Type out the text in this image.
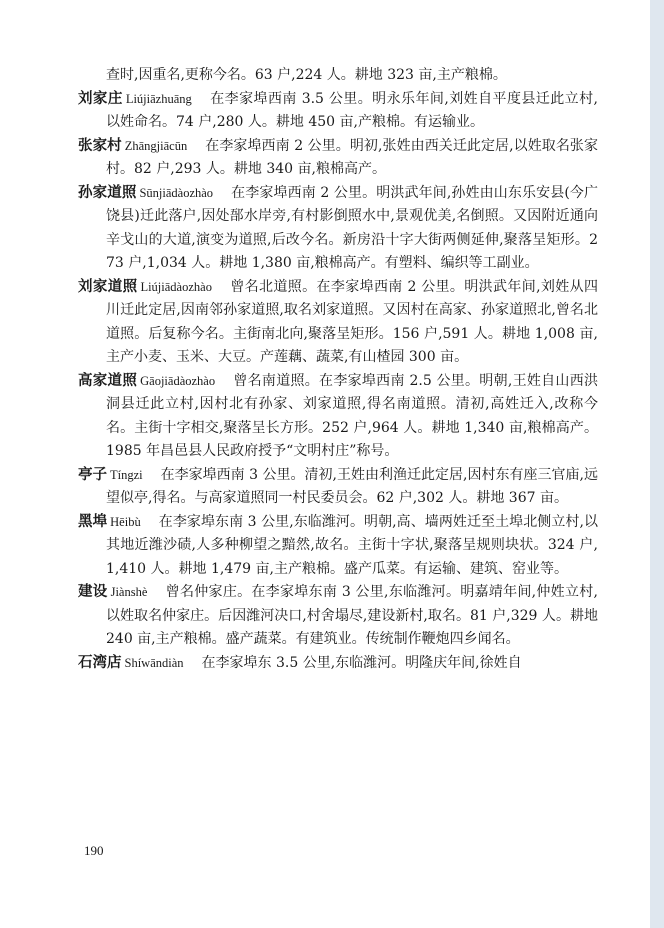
查时,因重名,更称今名。63 户,224 人。耕地 323 亩,主产粮棉。

刘家庄 Liújiāzhuāng 在李家埠西南 3.5 公里。明永乐年间,刘姓自平度县迁此立村,以姓命名。74 户,280 人。耕地 450 亩,产粮棉。有运输业。

张家村 Zhāngjiācūn 在李家埠西南 2 公里。明初,张姓由西关迁此定居,以姓取名张家村。82 户,293 人。耕地 340 亩,粮棉高产。

孙家道照 Sūnjiādàozhào 在李家埠西南 2 公里。明洪武年间,孙姓由山东乐安县(今广饶县)迁此落户,因处郚水岸旁,有村影倒照水中,景观优美,名倒照。又因附近通向辛戈山的大道,演变为道照,后改今名。新房沿十字大街两侧延伸,聚落呈矩形。273 户,1,034 人。耕地 1,380 亩,粮棉高产。有塑料、编织等工副业。

刘家道照 Liújiādàozhào 曾名北道照。在李家埠西南 2 公里。明洪武年间,刘姓从四川迁此定居,因南邻孙家道照,取名刘家道照。又因村在高家、孙家道照北,曾名北道照。后复称今名。主街南北向,聚落呈矩形。156 户,591 人。耕地 1,008 亩,主产小麦、玉米、大豆。产莲藕、蔬菜,有山楂园 300 亩。

高家道照 Gāojiādàozhào 曾名南道照。在李家埠西南 2.5 公里。明朝,王姓自山西洪洞县迁此立村,因村北有孙家、刘家道照,得名南道照。清初,高姓迁入,改称今名。主街十字相交,聚落呈长方形。252 户,964 人。耕地 1,340 亩,粮棉高产。1985 年昌邑县人民政府授予“文明村庄”称号。

亭子 Tíngzi 在李家埠西南 3 公里。清初,王姓由利渔迁此定居,因村东有座三官庙,远望似亭,得名。与高家道照同一村民委员会。62 户,302 人。耕地 367 亩。

黑埠 Hēibù 在李家埠东南 3 公里,东临潍河。明朝,高、墙两姓迁至土埠北侧立村,以其地近潍沙碛,人多种柳望之黯然,故名。主街十字状,聚落呈规则块状。324 户,1,410 人。耕地 1,479 亩,主产粮棉。盛产瓜菜。有运输、建筑、窑业等。

建设 Jiànshè 曾名仲家庄。在李家埠东南 3 公里,东临潍河。明嘉靖年间,仲姓立村,以姓取名仲家庄。后因潍河决口,村舍塌尽,建设新村,取名。81 户,329 人。耕地 240 亩,主产粮棉。盛产蔬菜。有建筑业。传统制作鞭炮四乡闻名。

石湾店 Shíwāndiàn 在李家埠东 3.5 公里,东临潍河。明隆庆年间,徐姓自

190
